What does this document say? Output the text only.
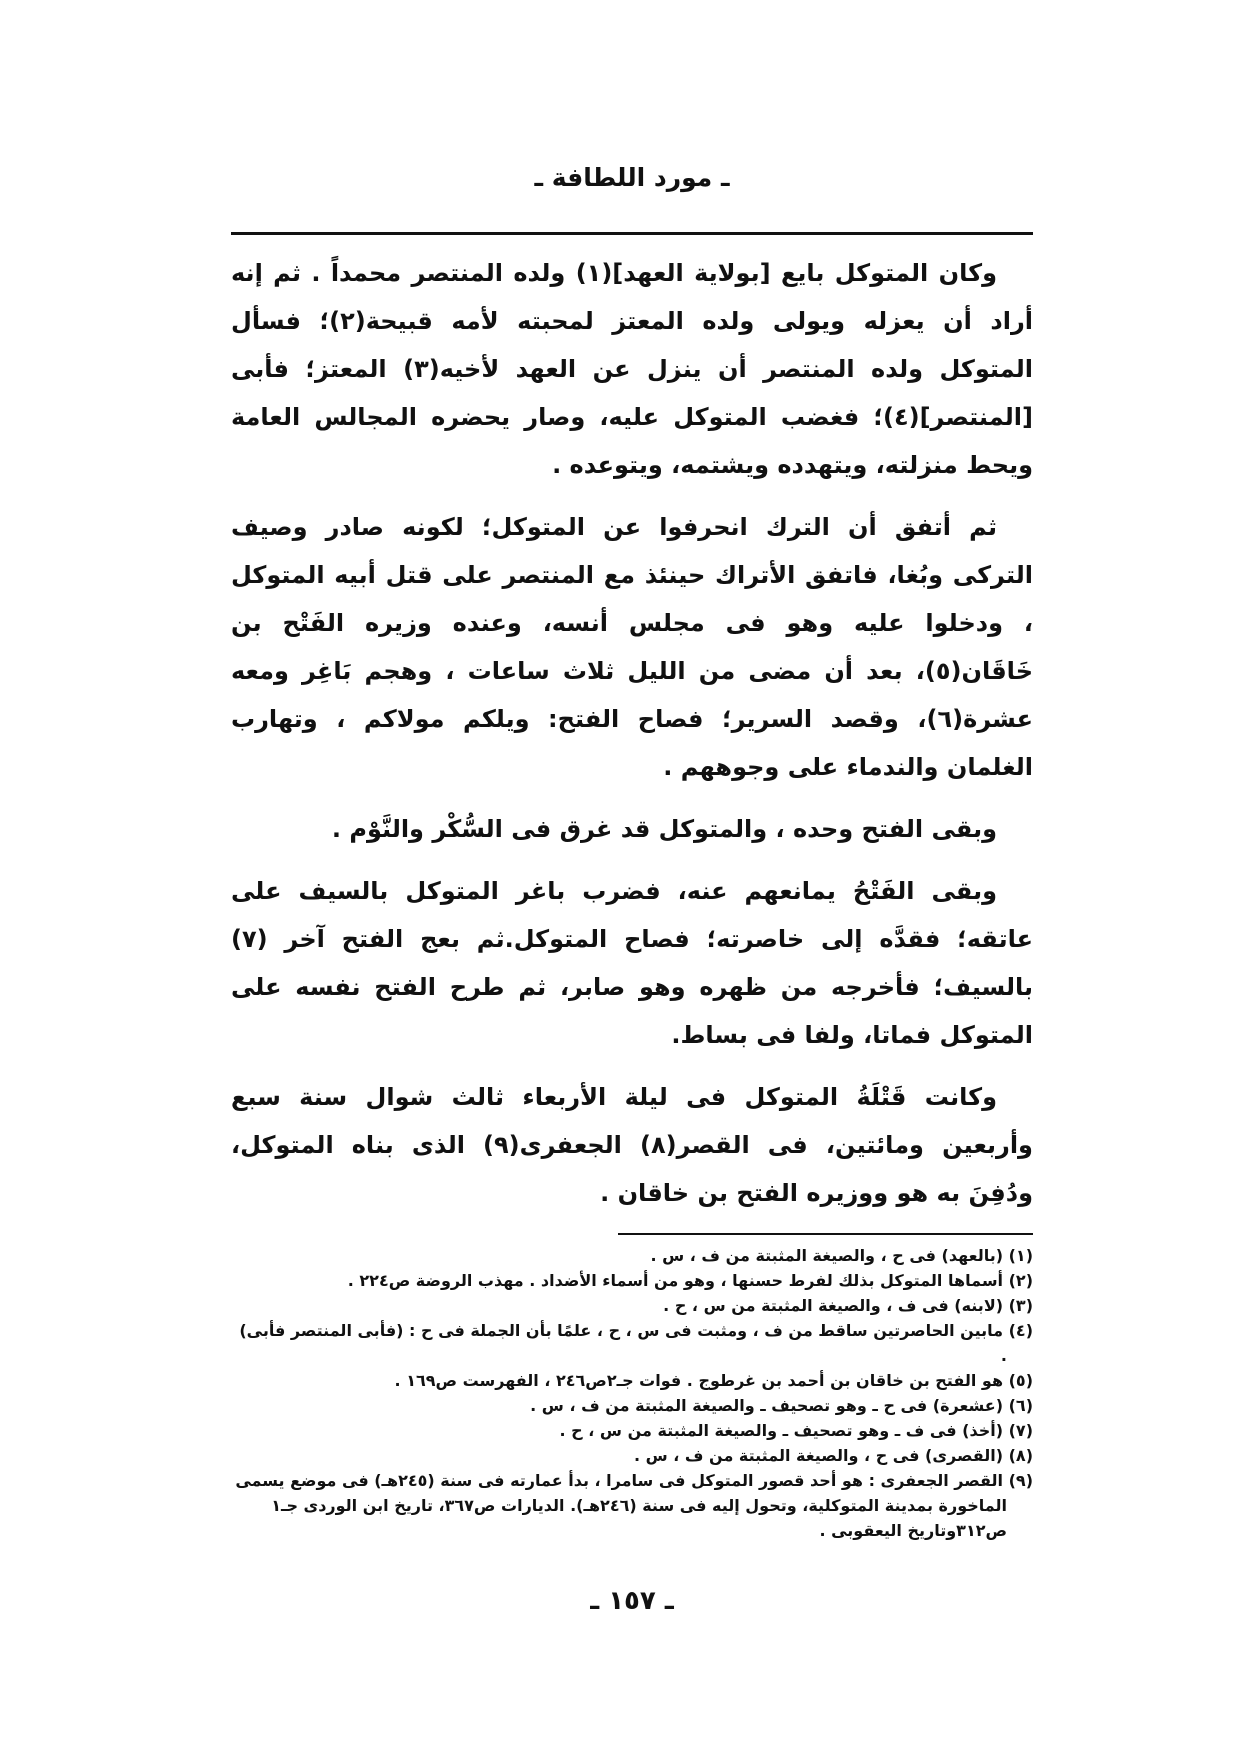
ـ مورد اللطافة ـ

وكان المتوكل بايع [بولاية العهد](١) ولده المنتصر محمداً . ثم إنه أراد أن يعزله ويولى ولده المعتز لمحبته لأمه قبيحة(٢)؛ فسأل المتوكل ولده المنتصر أن ينزل عن العهد لأخيه(٣) المعتز؛ فأبى [المنتصر](٤)؛ فغضب المتوكل عليه، وصار يحضره المجالس العامة ويحط منزلته، ويتهدده ويشتمه، ويتوعده .

ثم أتفق أن الترك انحرفوا عن المتوكل؛ لكونه صادر وصيف التركى وبُغا، فاتفق الأتراك حينئذ مع المنتصر على قتل أبيه المتوكل ، ودخلوا عليه وهو فى مجلس أنسه، وعنده وزيره الفَتْح بن خَاقَان(٥)، بعد أن مضى من الليل ثلاث ساعات ، وهجم بَاغِر ومعه عشرة(٦)، وقصد السرير؛ فصاح الفتح: ويلكم مولاكم ، وتهارب الغلمان والندماء على وجوههم .

وبقى الفتح وحده ، والمتوكل قد غرق فى السُّكْر والنَّوْم .

وبقى الفَتْحُ يمانعهم عنه، فضرب باغر المتوكل بالسيف على عاتقه؛ فقدَّه إلى خاصرته؛ فصاح المتوكل.ثم بعج الفتح آخر (٧) بالسيف؛ فأخرجه من ظهره وهو صابر، ثم طرح الفتح نفسه على المتوكل فماتا، ولفا فى بساط.

وكانت قَتْلَةُ المتوكل فى ليلة الأربعاء ثالث شوال سنة سبع وأربعين ومائتين، فى القصر(٨) الجعفرى(٩) الذى بناه المتوكل، ودُفِنَ به هو ووزيره الفتح بن خاقان .

(١) (بالعهد) فى ح ، والصيغة المثبتة من ف ، س .
(٢) أسماها المتوكل بذلك لفرط حسنها ، وهو من أسماء الأضداد . مهذب الروضة ص٢٢٤ .
(٣) (لابنه) فى ف ، والصيغة المثبتة من س ، ح .
(٤) مابين الحاصرتين ساقط من ف ، ومثبت فى س ، ح ، علمًا بأن الجملة فى ح : (فأبى المنتصر فأبى) .
(٥) هو الفتح بن خاقان بن أحمد بن غرطوج . فوات جـ٢ص٢٤٦ ، الفهرست ص١٦٩ .
(٦) (عشعرة) فى ح ـ وهو تصحيف ـ والصيغة المثبتة من ف ، س .
(٧) (أخذ) فى ف ـ وهو تصحيف ـ والصيغة المثبتة من س ، ح .
(٨) (القصرى) فى ح ، والصيغة المثبتة من ف ، س .
(٩) القصر الجعفرى : هو أحد قصور المتوكل فى سامرا ، بدأ عمارته فى سنة (٢٤٥هـ) فى موضع يسمى الماخورة بمدينة المتوكلية، وتحول إليه فى سنة (٢٤٦هـ). الديارات ص٣٦٧، تاريخ ابن الوردى جـ١ ص٣١٢وتاريخ اليعقوبى .
ـ ١٥٧ ـ
